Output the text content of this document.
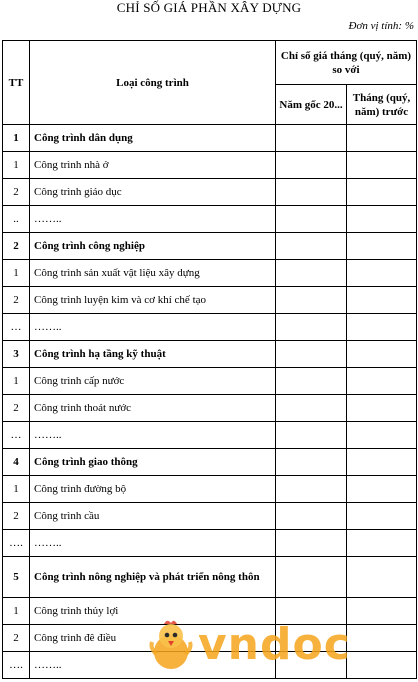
CHỈ SỐ GIÁ PHẦN XÂY DỰNG
Đơn vị tính: %
TT	Loại công trình	Chỉ số giá tháng (quý, năm) so với	
		Năm gốc 20...	Tháng (quý, năm) trước
1	Công trình dân dụng		
1	Công trình nhà ở		
2	Công trình giáo dục		
..	……..		
2	Công trình công nghiệp		
1	Công trình sản xuất vật liệu xây dựng		
2	Công trình luyện kim và cơ khí chế tạo		
…	……..		
3	Công trình hạ tầng kỹ thuật		
1	Công trình cấp nước		
2	Công trình thoát nước		
…	……..		
4	Công trình giao thông		
1	Công trình đường bộ		
2	Công trình cầu		
….	……..		
5	Công trình nông nghiệp và phát triển nông thôn		
1	Công trình thủy lợi		
2	Công trình đê điều		
….	……..			vndoc
